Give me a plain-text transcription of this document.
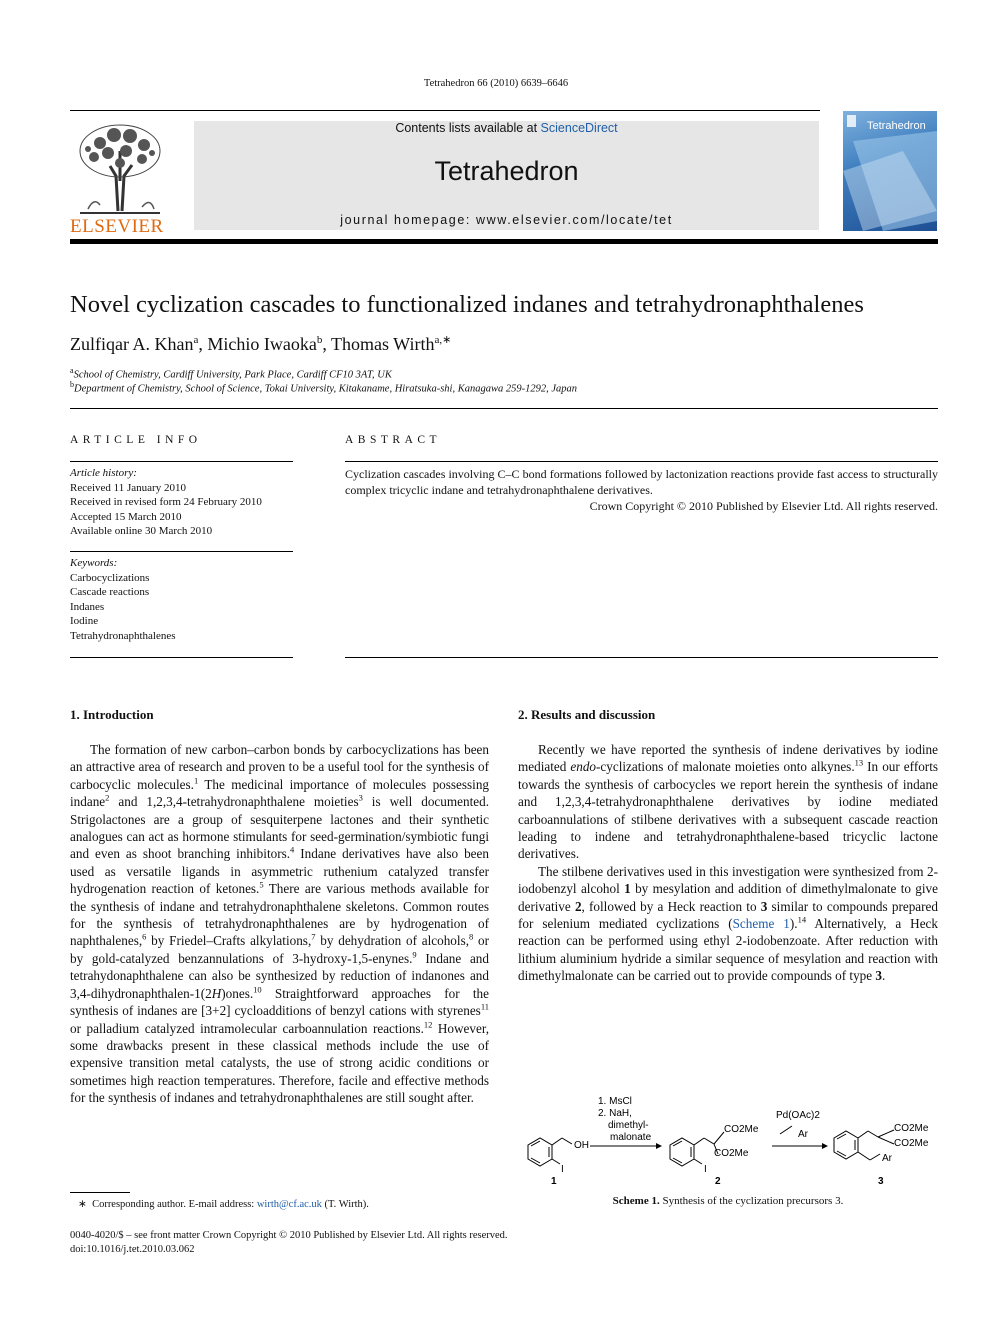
Tetrahedron 66 (2010) 6639–6646
ELSEVIER
Contents lists available at ScienceDirect
Tetrahedron
journal homepage: www.elsevier.com/locate/tet
Tetrahedron
Novel cyclization cascades to functionalized indanes and tetrahydronaphthalenes
Zulfiqar A. Khan$^a$, Michio Iwaoka$^b$, Thomas Wirth$^{a,∗}$
$^a$School of Chemistry, Cardiff University, Park Place, Cardiff CF10 3AT, UK
$^b$Department of Chemistry, School of Science, Tokai University, Kitakaname, Hiratsuka-shi, Kanagawa 259-1292, Japan
ARTICLE INFO
Article history:
Received 11 January 2010
Received in revised form 24 February 2010
Accepted 15 March 2010
Available online 30 March 2010
Keywords:
Carbocyclizations
Cascade reactions
Indanes
Iodine
Tetrahydronaphthalenes
ABSTRACT
Cyclization cascades involving C–C bond formations followed by lactonization reactions provide fast access to structurally complex tricyclic indane and tetrahydronaphthalene derivatives.
Crown Copyright © 2010 Published by Elsevier Ltd. All rights reserved.
1. Introduction

The formation of new carbon–carbon bonds by carbocyclizations has been an attractive area of research and proven to be a useful tool for the synthesis of carbocyclic molecules.$^1$ The medicinal importance of molecules possessing indane$^2$ and 1,2,3,4-tetrahydronaphthalene moieties$^3$ is well documented. Strigolactones are a group of sesquiterpene lactones and their synthetic analogues can act as hormone stimulants for seed-germination/symbiotic fungi and even as shoot branching inhibitors.$^4$ Indane derivatives have also been used as versatile ligands in asymmetric ruthenium catalyzed transfer hydrogenation reaction of ketones.$^5$ There are various methods available for the synthesis of indane and tetrahydronaphthalene skeletons. Common routes for the synthesis of tetrahydronaphthalenes are by hydrogenation of naphthalenes,$^6$ by Friedel–Crafts alkylations,$^7$ by dehydration of alcohols,$^8$ or by gold-catalyzed benzannulations of 3-hydroxy-1,5-enynes.$^9$ Indane and tetrahydonaphthalene can also be synthesized by reduction of indanones and 3,4-dihydronaphthalen-1(2H)ones.$^{10}$ Straightforward approaches for the synthesis of indanes are [3+2] cycloadditions of benzyl cations with styrenes$^{11}$ or palladium catalyzed intramolecular carboannulation reactions.$^{12}$ However, some drawbacks present in these classical methods include the use of expensive transition metal catalysts, the use of strong acidic conditions or sometimes high reaction temperatures. Therefore, facile and effective methods for the synthesis of indanes and tetrahydronaphthalenes are still sought after.

2. Results and discussion

Recently we have reported the synthesis of indene derivatives by iodine mediated endo-cyclizations of malonate moieties onto alkynes.$^{13}$ In our efforts towards the synthesis of carbocycles we report herein the synthesis of indane and 1,2,3,4-tetrahydronaphthalene derivatives by iodine mediated carboannulations of stilbene derivatives with a subsequent cascade reaction leading to indene and tetrahydronaphthalene-based tricyclic lactone derivatives.

The stilbene derivatives used in this investigation were synthesized from 2-iodobenzyl alcohol 1 by mesylation and addition of dimethylmalonate to give derivative 2, followed by a Heck reaction to 3 similar to compounds prepared for selenium mediated cyclizations (Scheme 1).$^{14}$ Alternatively, a Heck reaction can be performed using ethyl 2-iodobenzoate. After reduction with lithium aluminium hydride a similar sequence of mesylation and reaction with dimethylmalonate can be carried out to provide compounds of type 3.

OH
I
1
1. MsCl
2. NaH,
dimethyl-
malonate
CO2Me
CO2Me
I
2
Pd(OAc)2
Ar
CO2Me
CO2Me
Ar
3
Scheme 1. Synthesis of the cyclization precursors 3.
∗ Corresponding author. E-mail address: wirth@cf.ac.uk (T. Wirth).
0040-4020/$ – see front matter Crown Copyright © 2010 Published by Elsevier Ltd. All rights reserved.
doi:10.1016/j.tet.2010.03.062
